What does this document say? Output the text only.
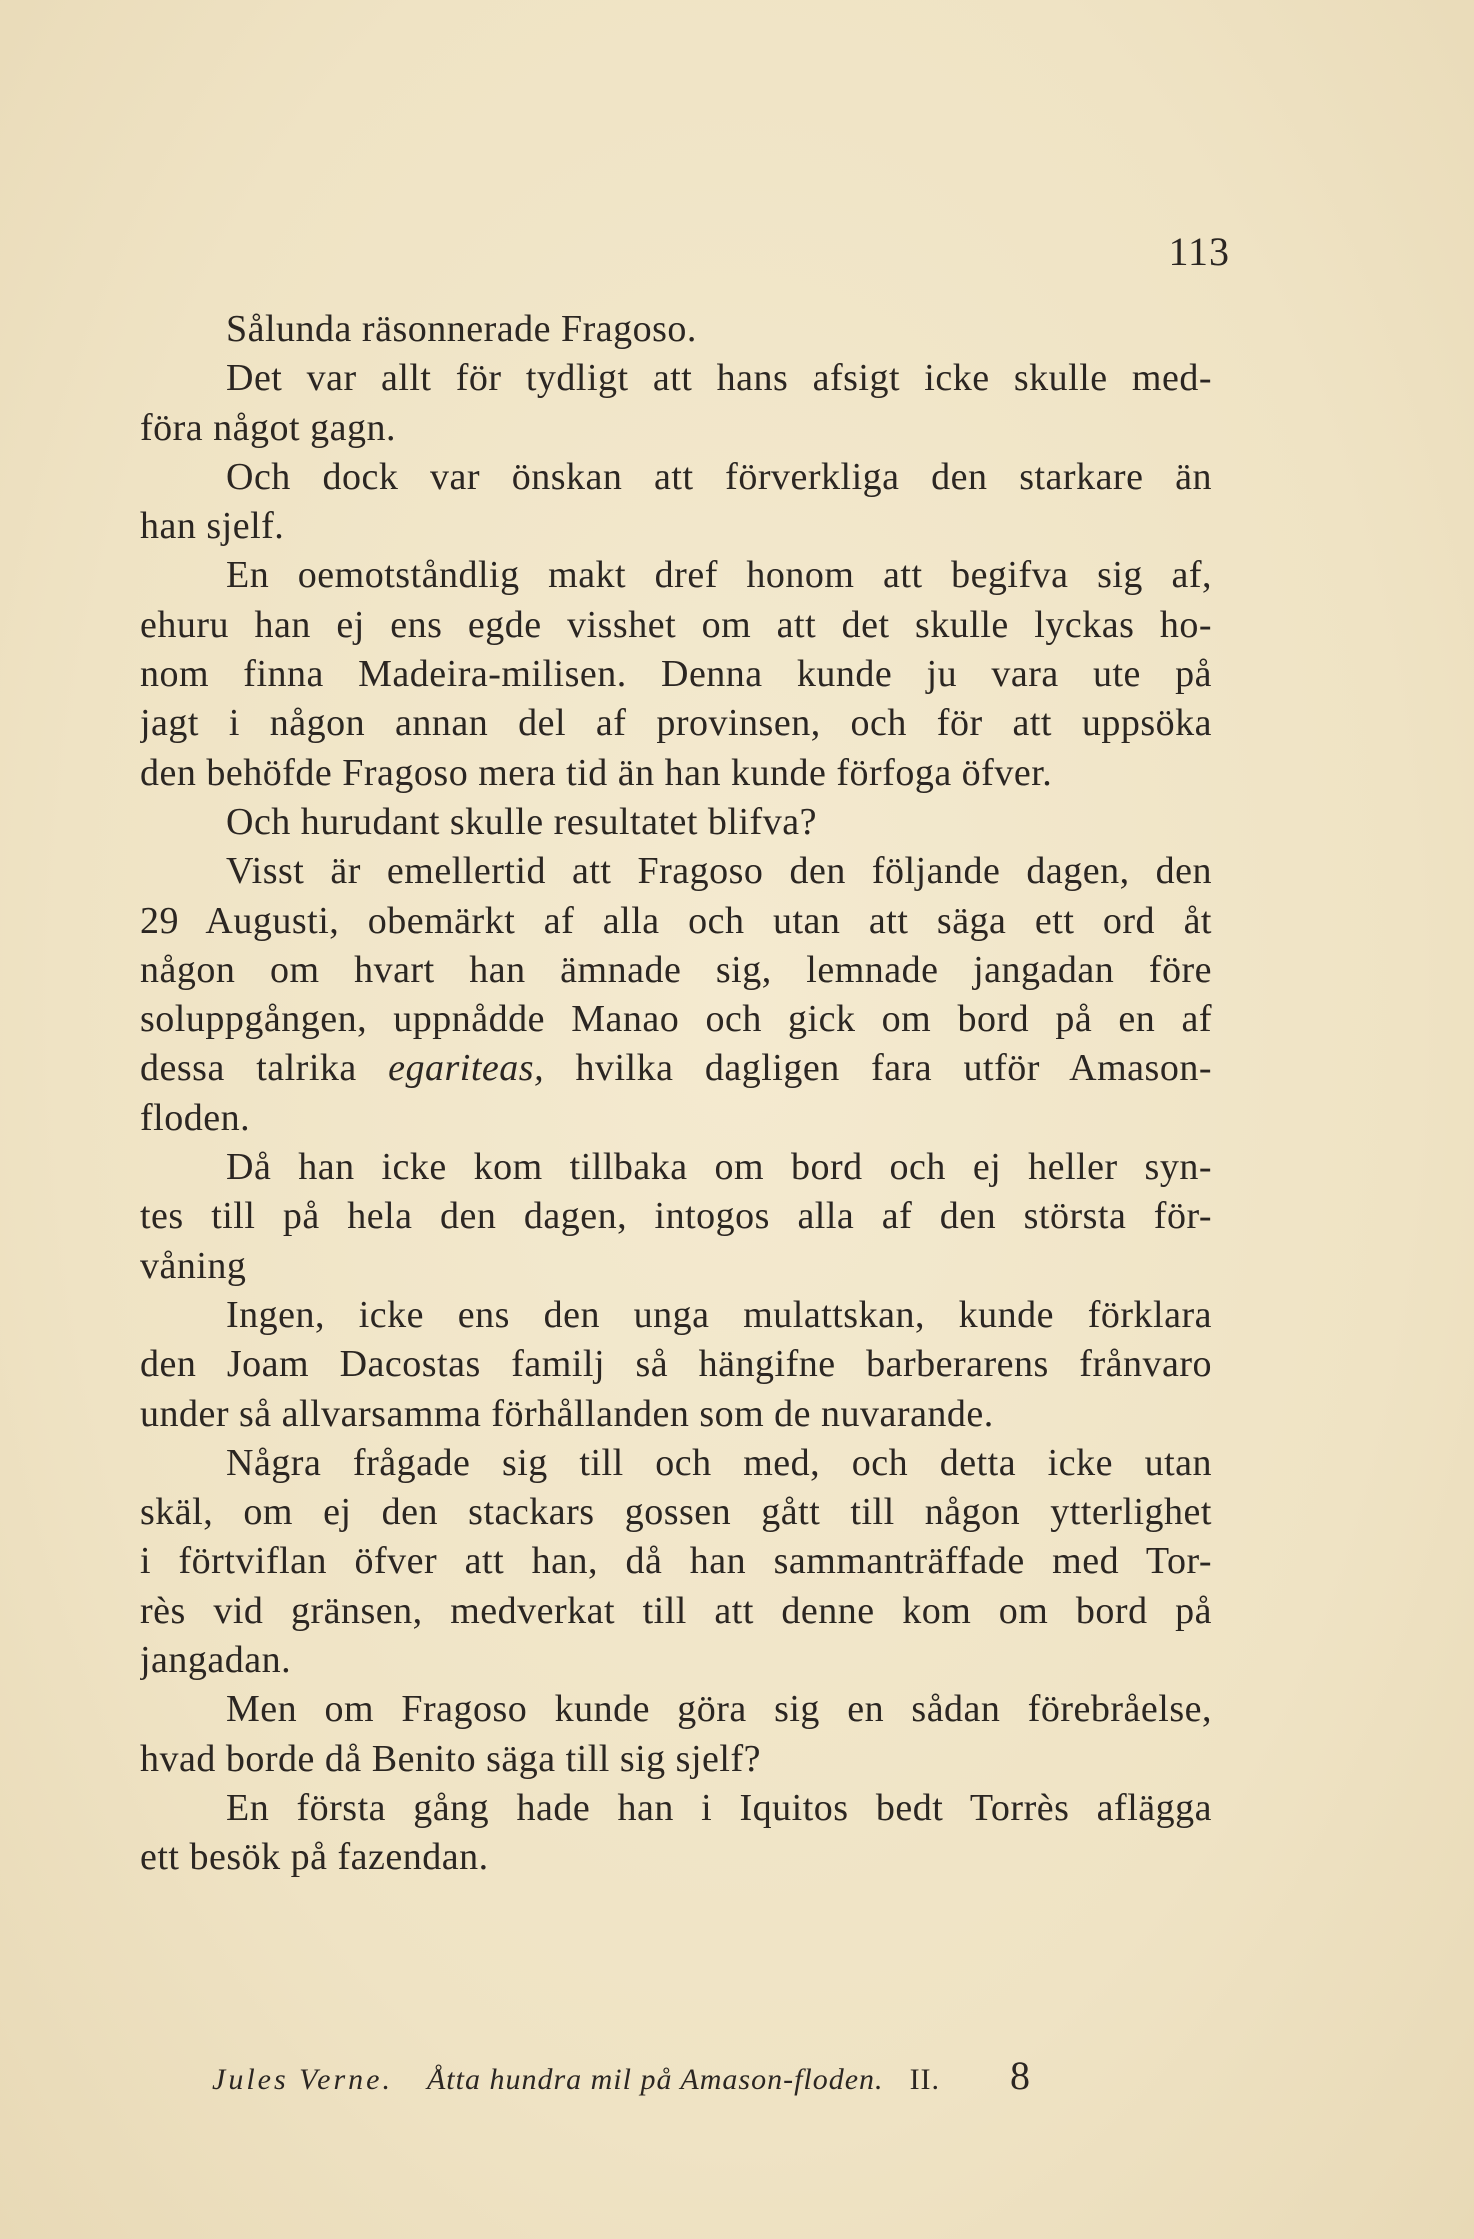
113
Sålunda räsonnerade Fragoso.
Det var allt för tydligt att hans afsigt icke skulle med-
föra något gagn.
Och dock var önskan att förverkliga den starkare än
han sjelf.
En oemotståndlig makt dref honom att begifva sig af,
ehuru han ej ens egde visshet om att det skulle lyckas ho-
nom finna Madeira-milisen. Denna kunde ju vara ute på
jagt i någon annan del af provinsen, och för att uppsöka
den behöfde Fragoso mera tid än han kunde förfoga öfver.
Och hurudant skulle resultatet blifva?
Visst är emellertid att Fragoso den följande dagen, den
29 Augusti, obemärkt af alla och utan att säga ett ord åt
någon om hvart han ämnade sig, lemnade jangadan före
soluppgången, uppnådde Manao och gick om bord på en af
dessa talrika egariteas, hvilka dagligen fara utför Amason-
floden.
Då han icke kom tillbaka om bord och ej heller syn-
tes till på hela den dagen, intogos alla af den största för-
våning
Ingen, icke ens den unga mulattskan, kunde förklara
den Joam Dacostas familj så hängifne barberarens frånvaro
under så allvarsamma förhållanden som de nuvarande.
Några frågade sig till och med, och detta icke utan
skäl, om ej den stackars gossen gått till någon ytterlighet
i förtviflan öfver att han, då han sammanträffade med Tor-
rès vid gränsen, medverkat till att denne kom om bord på
jangadan.
Men om Fragoso kunde göra sig en sådan förebråelse,
hvad borde då Benito säga till sig sjelf?
En första gång hade han i Iquitos bedt Torrès aflägga
ett besök på fazendan.
Jules Verne. Åtta hundra mil på Amason-floden. II. 8
